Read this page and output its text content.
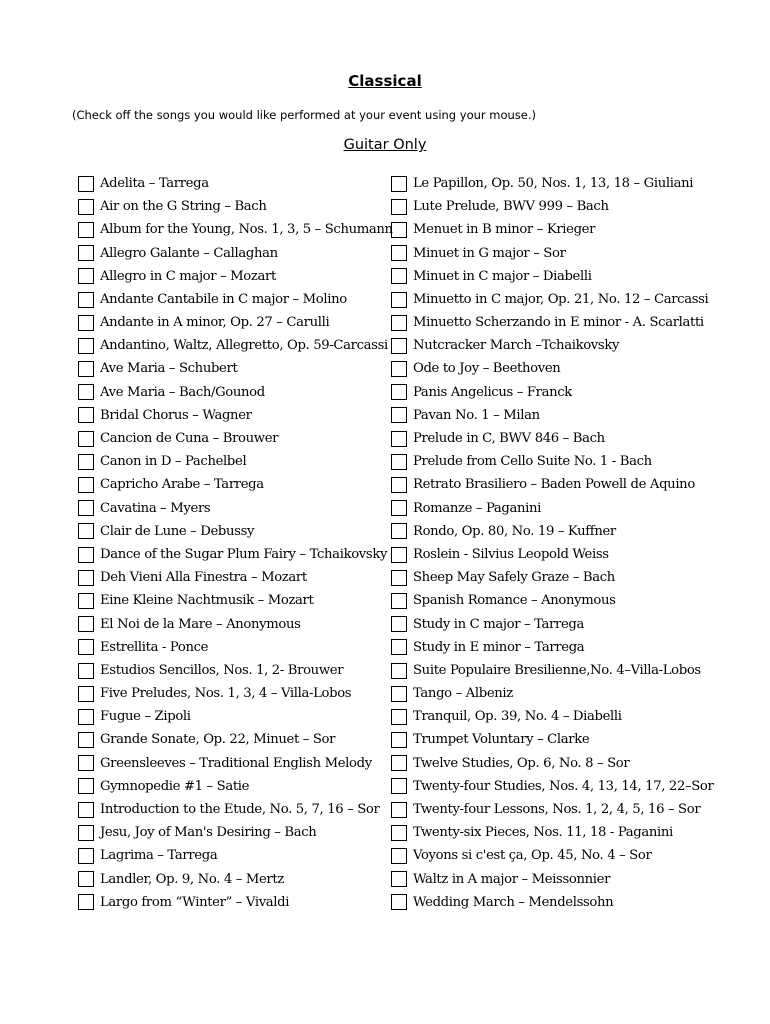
Classical
(Check off the songs you would like performed at your event using your mouse.)
Guitar Only
Adelita – Tarrega
Air on the G String – Bach
Album for the Young, Nos. 1, 3, 5 – Schumann
Allegro Galante – Callaghan
Allegro in C major – Mozart
Andante Cantabile in C major – Molino
Andante in A minor, Op. 27 – Carulli
Andantino, Waltz, Allegretto, Op. 59-Carcassi
Ave Maria – Schubert
Ave Maria – Bach/Gounod
Bridal Chorus – Wagner
Cancion de Cuna – Brouwer
Canon in D – Pachelbel
Capricho Arabe – Tarrega
Cavatina – Myers
Clair de Lune – Debussy
Dance of the Sugar Plum Fairy – Tchaikovsky
Deh Vieni Alla Finestra – Mozart
Eine Kleine Nachtmusik – Mozart
El Noi de la Mare – Anonymous
Estrellita - Ponce
Estudios Sencillos, Nos. 1, 2- Brouwer
Five Preludes, Nos. 1, 3, 4 – Villa-Lobos
Fugue – Zipoli
Grande Sonate, Op. 22, Minuet – Sor
Greensleeves – Traditional English Melody
Gymnopedie #1 – Satie
Introduction to the Etude, No. 5, 7, 16 – Sor
Jesu, Joy of Man's Desiring – Bach
Lagrima – Tarrega
Landler, Op. 9, No. 4 – Mertz
Largo from “Winter” – Vivaldi
Le Papillon, Op. 50, Nos. 1, 13, 18 – Giuliani
Lute Prelude, BWV 999 – Bach
Menuet in B minor – Krieger
Minuet in G major – Sor
Minuet in C major – Diabelli
Minuetto in C major, Op. 21, No. 12 – Carcassi
Minuetto Scherzando in E minor - A. Scarlatti
Nutcracker March –Tchaikovsky
Ode to Joy – Beethoven
Panis Angelicus – Franck
Pavan No. 1 – Milan
Prelude in C, BWV 846 – Bach
Prelude from Cello Suite No. 1 - Bach
Retrato Brasiliero – Baden Powell de Aquino
Romanze – Paganini
Rondo, Op. 80, No. 19 – Kuffner
Roslein - Silvius Leopold Weiss
Sheep May Safely Graze – Bach
Spanish Romance – Anonymous
Study in C major – Tarrega
Study in E minor – Tarrega
Suite Populaire Bresilienne,No. 4–Villa-Lobos
Tango – Albeniz
Tranquil, Op. 39, No. 4 – Diabelli
Trumpet Voluntary – Clarke
Twelve Studies, Op. 6, No. 8 – Sor
Twenty-four Studies, Nos. 4, 13, 14, 17, 22–Sor
Twenty-four Lessons, Nos. 1, 2, 4, 5, 16 – Sor
Twenty-six Pieces, Nos. 11, 18 - Paganini
Voyons si c'est ça, Op. 45, No. 4 – Sor
Waltz in A major – Meissonnier
Wedding March – Mendelssohn
